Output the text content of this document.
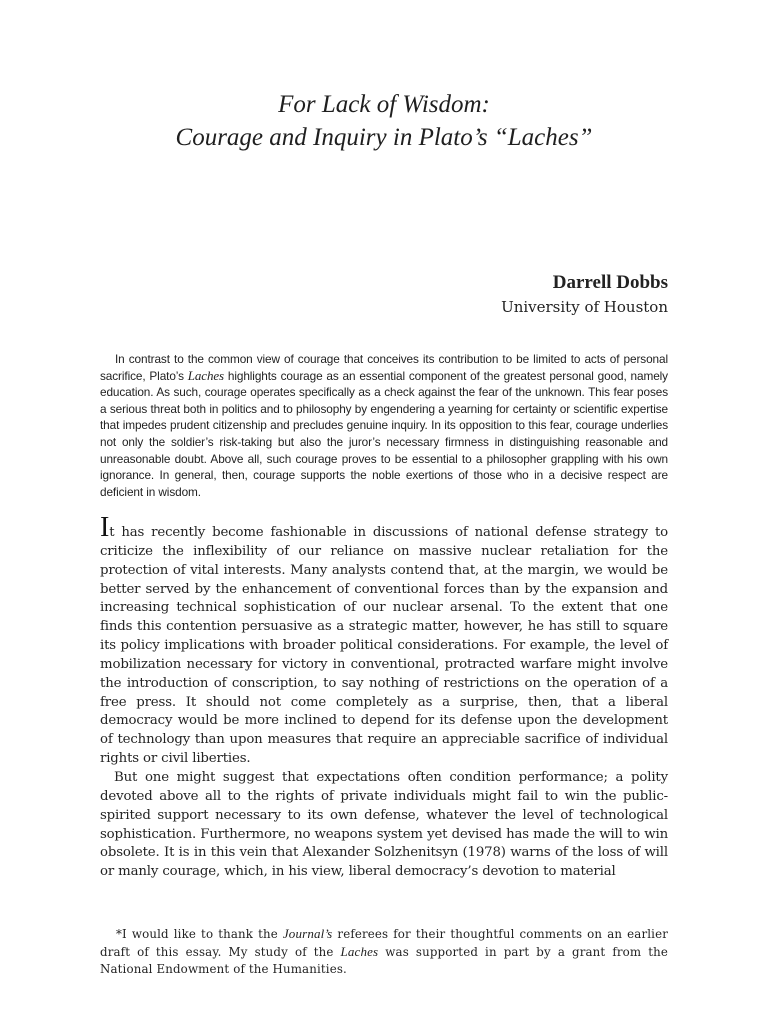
For Lack of Wisdom:
Courage and Inquiry in Plato’s “Laches”
Darrell Dobbs
University of Houston

In contrast to the common view of courage that conceives its contribution to be limited to acts of personal sacrifice, Plato’s Laches highlights courage as an essential component of the greatest personal good, namely education. As such, courage operates specifically as a check against the fear of the unknown. This fear poses a serious threat both in politics and to philosophy by engendering a yearning for certainty or scientific expertise that impedes prudent citizenship and precludes genuine inquiry. In its opposition to this fear, courage underlies not only the soldier’s risk-taking but also the juror’s necessary firmness in distinguishing reasonable and unreasonable doubt. Above all, such courage proves to be essential to a philosopher grappling with his own ignorance. In general, then, courage supports the noble exertions of those who in a decisive respect are deficient in wisdom.

It has recently become fashionable in discussions of national defense strategy to criticize the inflexibility of our reliance on massive nuclear retaliation for the protection of vital interests. Many analysts contend that, at the margin, we would be better served by the enhancement of conventional forces than by the expansion and increasing technical sophistication of our nuclear arsenal. To the extent that one finds this contention persuasive as a strategic matter, however, he has still to square its policy implications with broader political considerations. For example, the level of mobilization necessary for victory in conventional, protracted warfare might involve the introduction of conscription, to say nothing of restrictions on the operation of a free press. It should not come completely as a surprise, then, that a liberal democracy would be more inclined to depend for its defense upon the development of technology than upon measures that require an appreciable sacrifice of individual rights or civil liberties.

But one might suggest that expectations often condition performance; a polity devoted above all to the rights of private individuals might fail to win the public-spirited support necessary to its own defense, whatever the level of technological sophistication. Furthermore, no weapons system yet devised has made the will to win obsolete. It is in this vein that Alexander Solzhenitsyn (1978) warns of the loss of will or manly courage, which, in his view, liberal democracy’s devotion to material

*I would like to thank the Journal’s referees for their thoughtful comments on an earlier draft of this essay. My study of the Laches was supported in part by a grant from the National Endowment of the Humanities.
